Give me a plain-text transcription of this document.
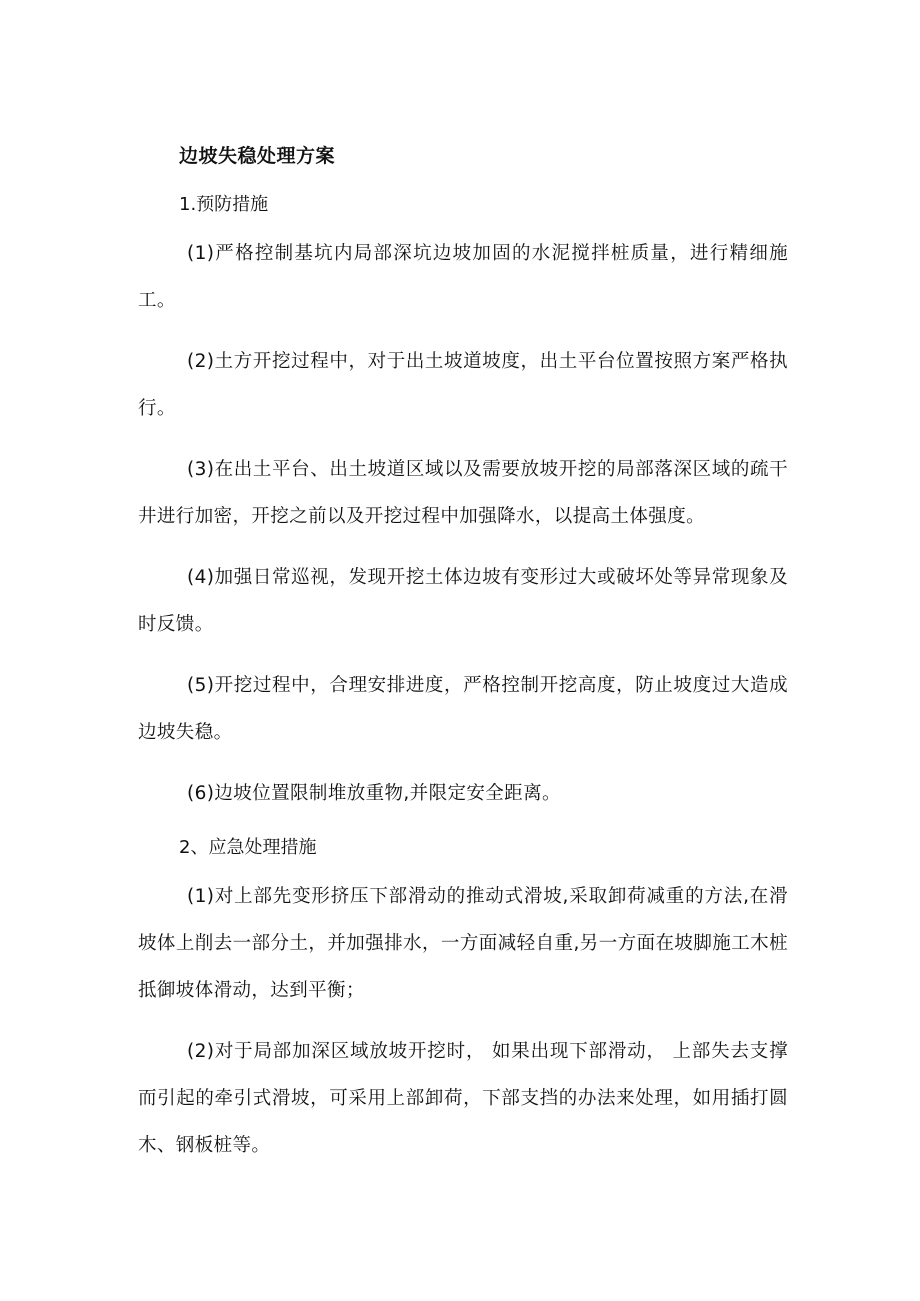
边坡失稳处理方案
1.预防措施

(1)严格控制基坑内局部深坑边坡加固的水泥搅拌桩质量，进行精细施工。

(2)土方开挖过程中，对于出土坡道坡度，出土平台位置按照方案严格执行。

(3)在出土平台、出土坡道区域以及需要放坡开挖的局部落深区域的疏干井进行加密，开挖之前以及开挖过程中加强降水，以提高土体强度。

(4)加强日常巡视，发现开挖土体边坡有变形过大或破坏处等异常现象及时反馈。

(5)开挖过程中，合理安排进度，严格控制开挖高度，防止坡度过大造成边坡失稳。

(6)边坡位置限制堆放重物,并限定安全距离。

2、应急处理措施

(1)对上部先变形挤压下部滑动的推动式滑坡,采取卸荷减重的方法,在滑坡体上削去一部分土，并加强排水，一方面减轻自重,另一方面在坡脚施工木桩抵御坡体滑动，达到平衡；

(2)对于局部加深区域放坡开挖时， 如果出现下部滑动， 上部失去支撑而引起的牵引式滑坡，可采用上部卸荷，下部支挡的办法来处理，如用插打圆木、钢板桩等。
